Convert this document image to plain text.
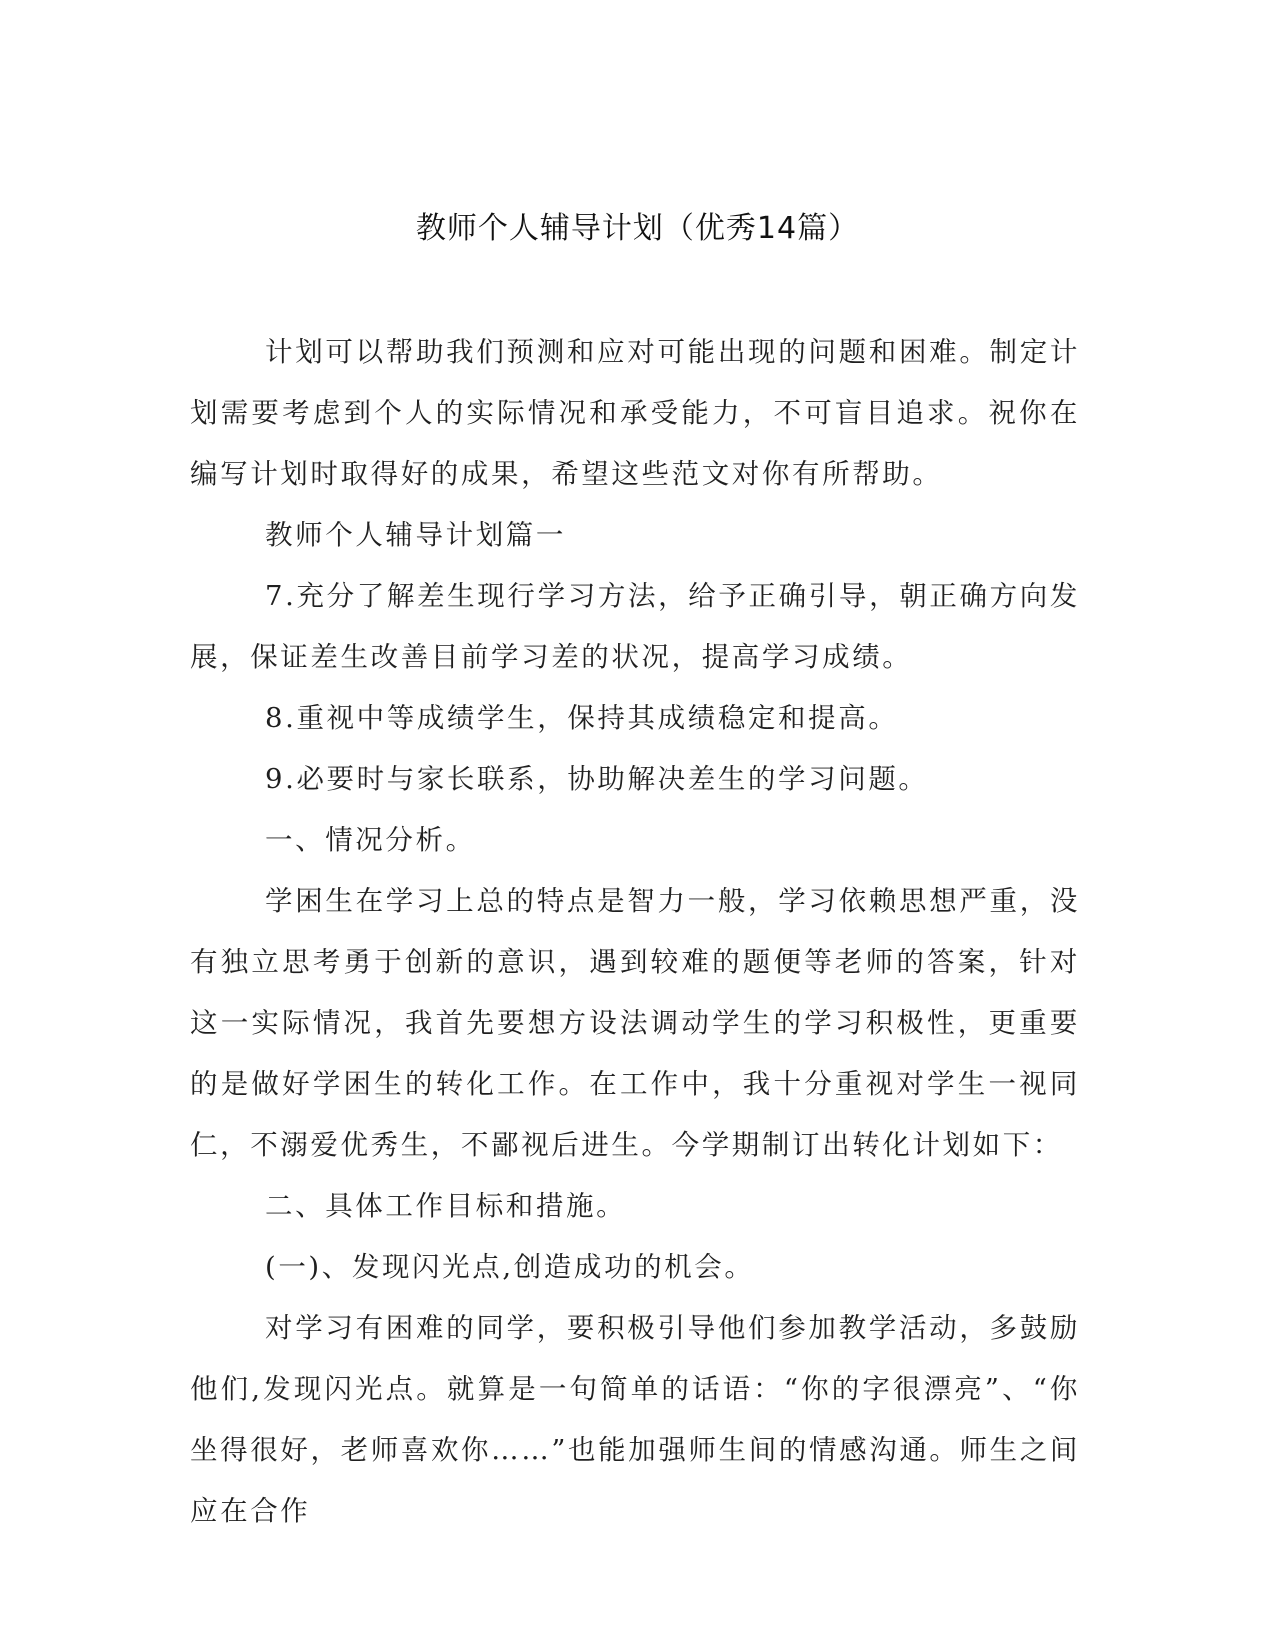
教师个人辅导计划（优秀14篇）

计划可以帮助我们预测和应对可能出现的问题和困难。制定计划需要考虑到个人的实际情况和承受能力，不可盲目追求。祝你在编写计划时取得好的成果，希望这些范文对你有所帮助。

教师个人辅导计划篇一

7.充分了解差生现行学习方法，给予正确引导，朝正确方向发展，保证差生改善目前学习差的状况，提高学习成绩。

8.重视中等成绩学生，保持其成绩稳定和提高。

9.必要时与家长联系，协助解决差生的学习问题。

一、情况分析。

学困生在学习上总的特点是智力一般，学习依赖思想严重，没有独立思考勇于创新的意识，遇到较难的题便等老师的答案，针对这一实际情况，我首先要想方设法调动学生的学习积极性，更重要的是做好学困生的转化工作。在工作中，我十分重视对学生一视同仁，不溺爱优秀生，不鄙视后进生。今学期制订出转化计划如下：

二、具体工作目标和措施。

(一)、发现闪光点,创造成功的机会。

对学习有困难的同学，要积极引导他们参加教学活动，多鼓励他们,发现闪光点。就算是一句简单的话语：“你的字很漂亮”、“你坐得很好，老师喜欢你……”也能加强师生间的情感沟通。师生之间应在合作
